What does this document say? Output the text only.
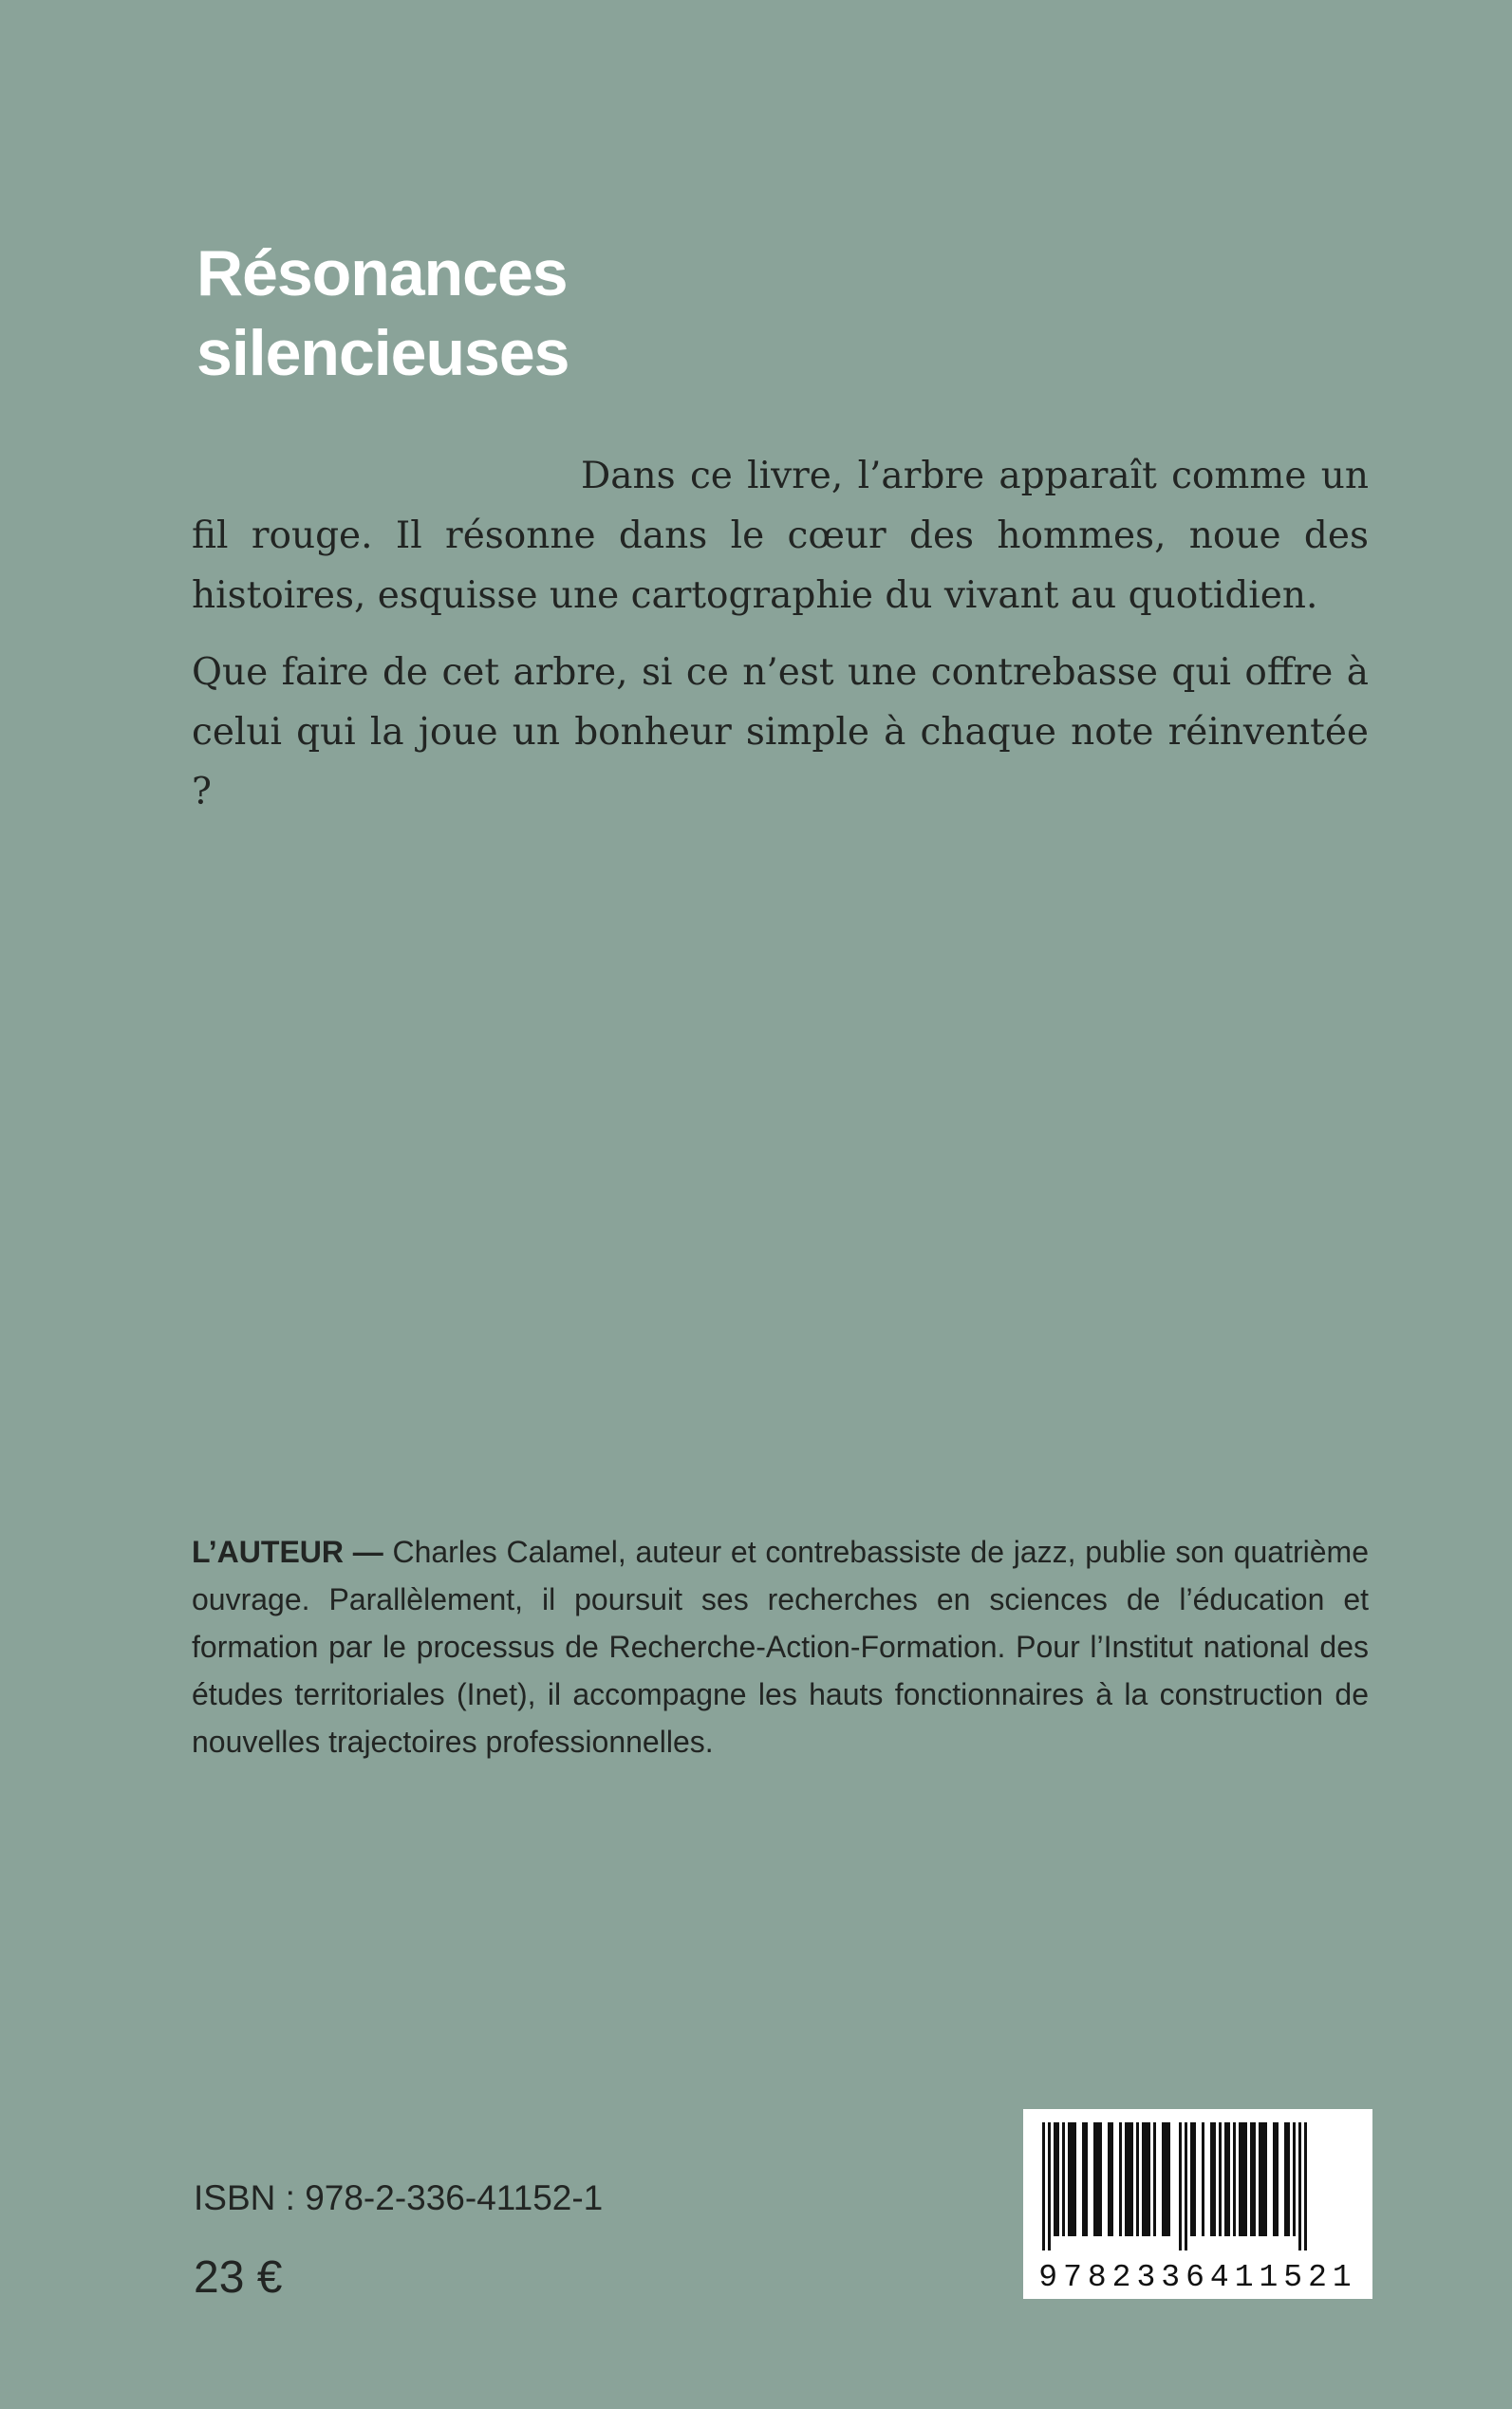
Résonances
silencieuses

Dans ce livre, l’arbre apparaît comme un fil rouge. Il résonne dans le cœur des hommes, noue des histoires, esquisse une cartographie du vivant au quotidien.

Que faire de cet arbre, si ce n’est une contrebasse qui offre à celui qui la joue un bonheur simple à chaque note réinventée ?

L’AUTEUR — Charles Calamel, auteur et contrebassiste de jazz, publie son quatrième ouvrage. Parallèlement, il poursuit ses recherches en sciences de l’éducation et formation par le processus de Recherche-Action-Formation. Pour l’Institut national des études territoriales (Inet), il accompagne les hauts fonctionnaires à la construction de nouvelles trajectoires professionnelles.
ISBN : 978-2-336-41152-1
23 €	9782336411521
